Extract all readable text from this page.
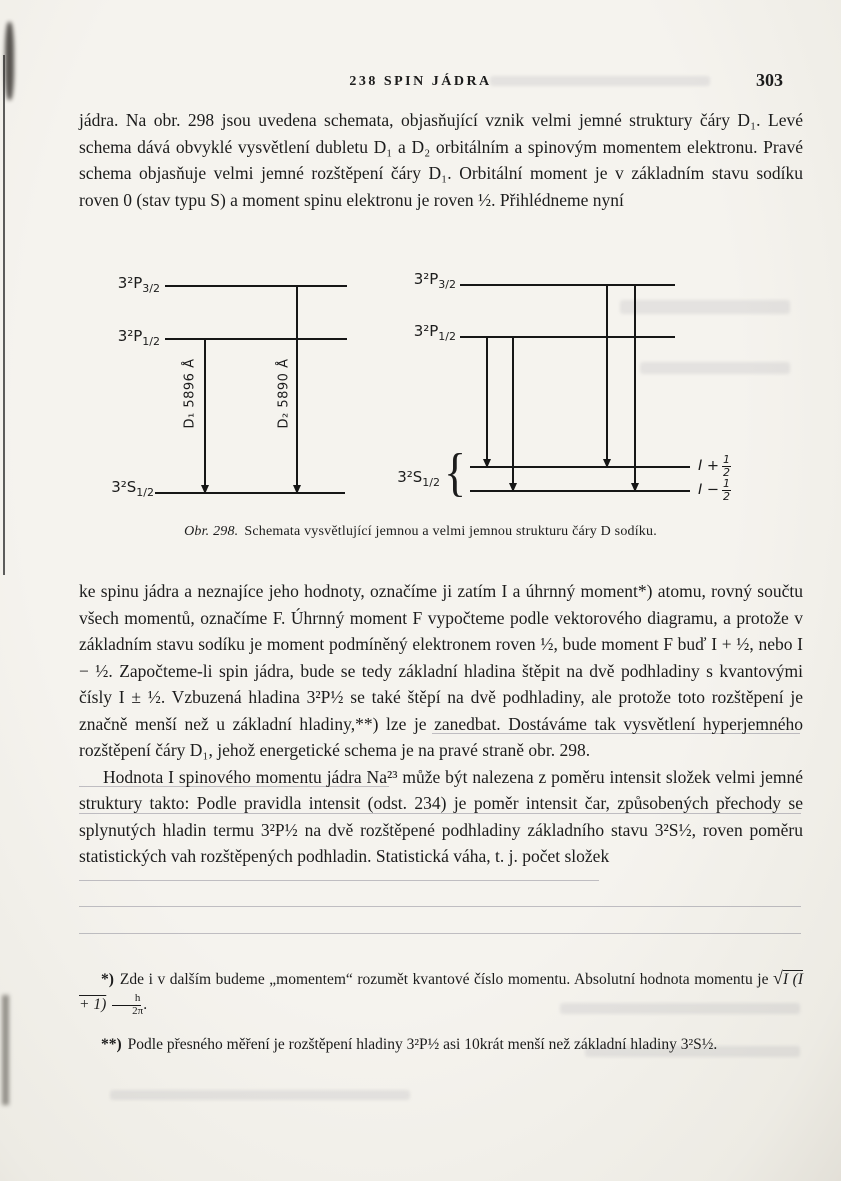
238 SPIN JÁDRA	303

jádra. Na obr. 298 jsou uvedena schemata, objasňující vznik velmi jemné struktury čáry D₁. Levé schema dává obvyklé vysvětlení dubletu D₁ a D₂ orbitálním a spinovým momentem elektronu. Pravé schema objasňuje velmi jemné rozštěpení čáry D₁. Orbitální moment je v základním stavu sodíku roven 0 (stav typu S) a moment spinu elektronu je roven ½. Přihlédneme nyní

$3^2P_{3/2}$
$3^2P_{1/2}$
$3^2S_{1/2}$
D₁ 5896 Å	D₂ 5890 Å
$3^2P_{3/2}$
$3^2P_{1/2}$
$3^2S_{1/2}$ {	$I + \frac{1}{2}$
$I - \frac{1}{2}$
Obr. 298. Schemata vysvětlující jemnou a velmi jemnou strukturu čáry D sodíku.

ke spinu jádra a neznajíce jeho hodnoty, označíme ji zatím I a úhrnný moment*) atomu, rovný součtu všech momentů, označíme F. Úhrnný moment F vypočteme podle vektorového diagramu, a protože v základním stavu sodíku je moment podmíněný elektronem roven ½, bude moment F buď I + ½, nebo I − ½. Započteme-li spin jádra, bude se tedy základní hladina štěpit na dvě podhladiny s kvantovými čísly I ± ½. Vzbuzená hladina 3²P½ se také štěpí na dvě podhladiny, ale protože toto rozštěpení je značně menší než u základní hladiny,**) lze je zanedbat. Dostáváme tak vysvětlení hyperjemného rozštěpení čáry D₁, jehož energetické schema je na pravé straně obr. 298.

Hodnota I spinového momentu jádra Na²³ může být nalezena z poměru intensit složek velmi jemné struktury takto: Podle pravidla intensit (odst. 234) je poměr intensit čar, způsobených přechody se splynutých hladin termu 3²P½ na dvě rozštěpené podhladiny základního stavu 3²S½, roven poměru statistických vah rozštěpených podhladin. Statistická váha, t. j. počet složek

*) Zde i v dalším budeme „momentem“ rozumět kvantové číslo momentu. Absolutní hodnota momentu je √I $(I + 1) \frac{h}{2\pi}$ .

**) Podle přesného měření je rozštěpení hladiny 3²P½ asi 10krát menší než základní hladiny 3²S½.
